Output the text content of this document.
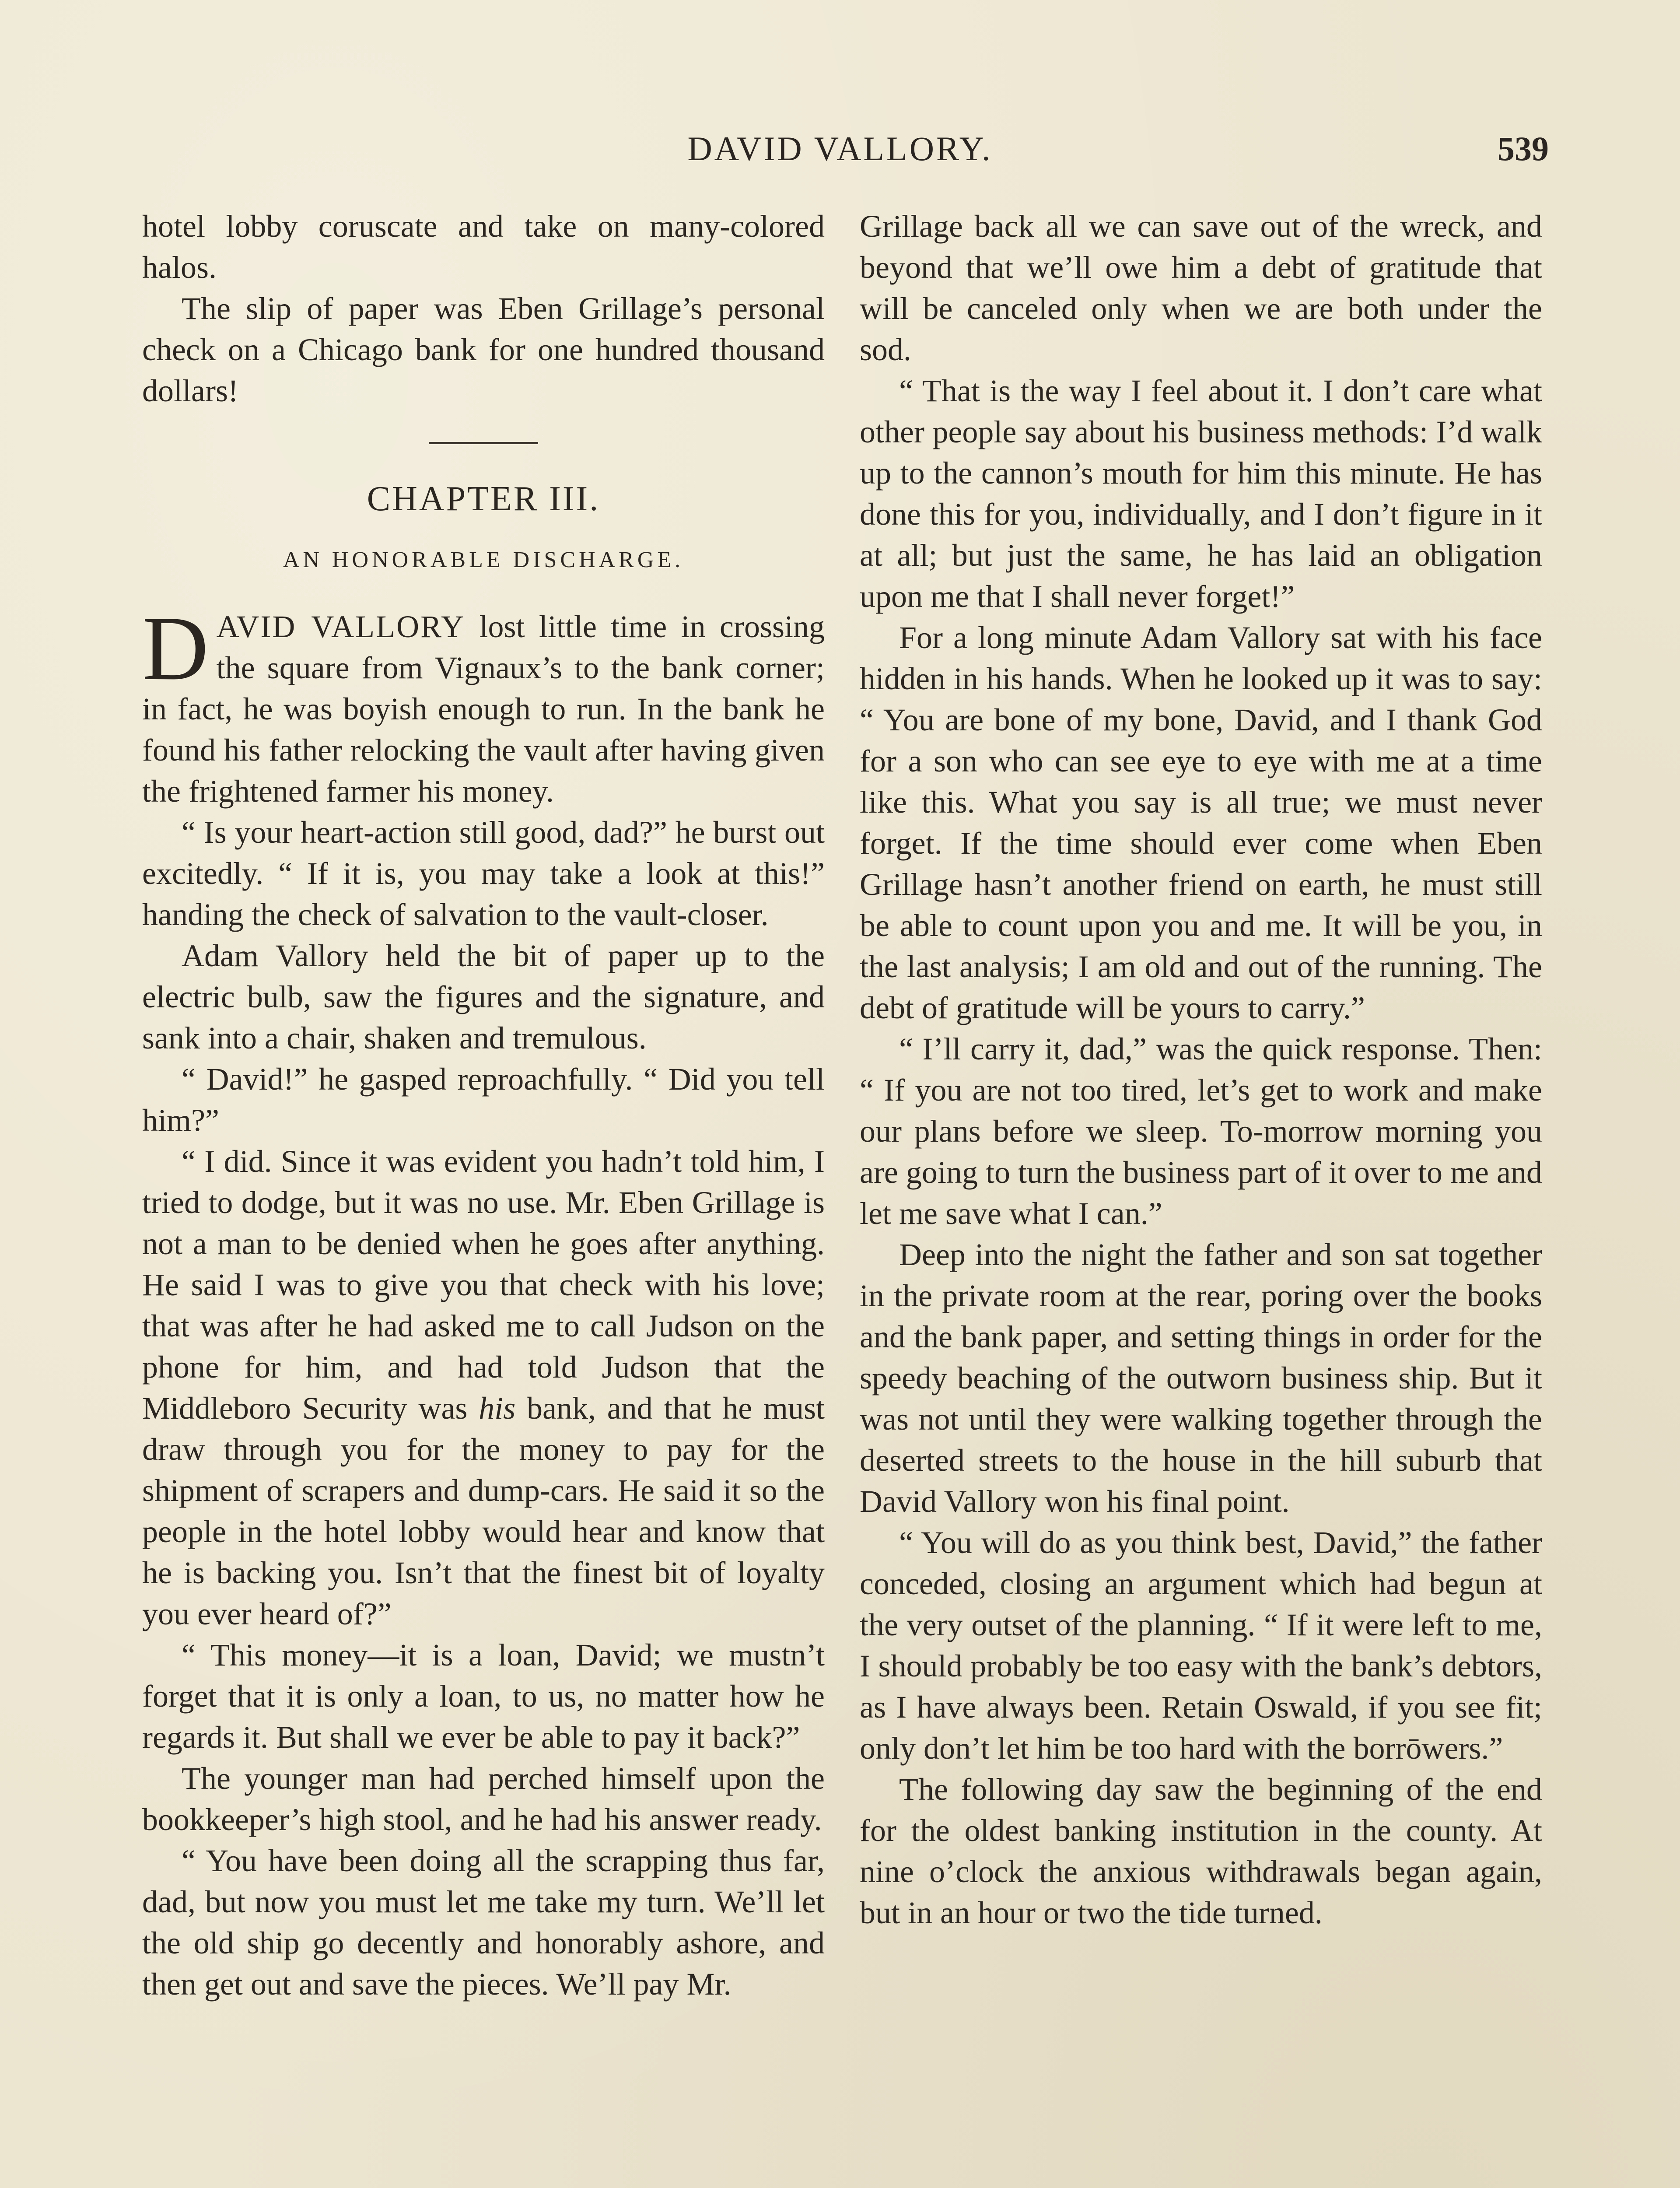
DAVID VALLORY.	539

hotel lobby coruscate and take on many-colored halos.

The slip of paper was Eben Grillage’s personal check on a Chicago bank for one hundred thousand dollars!

CHAPTER III.
AN HONORABLE DISCHARGE.

DAVID VALLORY lost little time in crossing the square from Vignaux’s to the bank corner; in fact, he was boyish enough to run. In the bank he found his father relocking the vault after having given the frightened farmer his money.

“ Is your heart-action still good, dad?” he burst out excitedly. “ If it is, you may take a look at this!” handing the check of salvation to the vault-closer.

Adam Vallory held the bit of paper up to the electric bulb, saw the figures and the signature, and sank into a chair, shaken and tremulous.

“ David!” he gasped reproachfully. “ Did you tell him?”

“ I did. Since it was evident you hadn’t told him, I tried to dodge, but it was no use. Mr. Eben Grillage is not a man to be denied when he goes after anything. He said I was to give you that check with his love; that was after he had asked me to call Judson on the phone for him, and had told Judson that the Middleboro Security was his bank, and that he must draw through you for the money to pay for the shipment of scrapers and dump-cars. He said it so the people in the hotel lobby would hear and know that he is backing you. Isn’t that the finest bit of loyalty you ever heard of?”

“ This money—it is a loan, David; we mustn’t forget that it is only a loan, to us, no matter how he regards it. But shall we ever be able to pay it back?”

The younger man had perched himself upon the bookkeeper’s high stool, and he had his answer ready.

“ You have been doing all the scrapping thus far, dad, but now you must let me take my turn. We’ll let the old ship go decently and honorably ashore, and then get out and save the pieces. We’ll pay Mr.

Grillage back all we can save out of the wreck, and beyond that we’ll owe him a debt of gratitude that will be canceled only when we are both under the sod.

“ That is the way I feel about it. I don’t care what other people say about his business methods: I’d walk up to the cannon’s mouth for him this minute. He has done this for you, individually, and I don’t figure in it at all; but just the same, he has laid an obligation upon me that I shall never forget!”

For a long minute Adam Vallory sat with his face hidden in his hands. When he looked up it was to say: “ You are bone of my bone, David, and I thank God for a son who can see eye to eye with me at a time like this. What you say is all true; we must never forget. If the time should ever come when Eben Grillage hasn’t another friend on earth, he must still be able to count upon you and me. It will be you, in the last analysis; I am old and out of the running. The debt of gratitude will be yours to carry.”

“ I’ll carry it, dad,” was the quick response. Then: “ If you are not too tired, let’s get to work and make our plans before we sleep. To-morrow morning you are going to turn the business part of it over to me and let me save what I can.”

Deep into the night the father and son sat together in the private room at the rear, poring over the books and the bank paper, and setting things in order for the speedy beaching of the outworn business ship. But it was not until they were walking together through the deserted streets to the house in the hill suburb that David Vallory won his final point.

“ You will do as you think best, David,” the father conceded, closing an argument which had begun at the very outset of the planning. “ If it were left to me, I should probably be too easy with the bank’s debtors, as I have always been. Retain Oswald, if you see fit; only don’t let him be too hard with the borrōwers.”

The following day saw the beginning of the end for the oldest banking institution in the county. At nine o’clock the anxious withdrawals began again, but in an hour or two the tide turned.
